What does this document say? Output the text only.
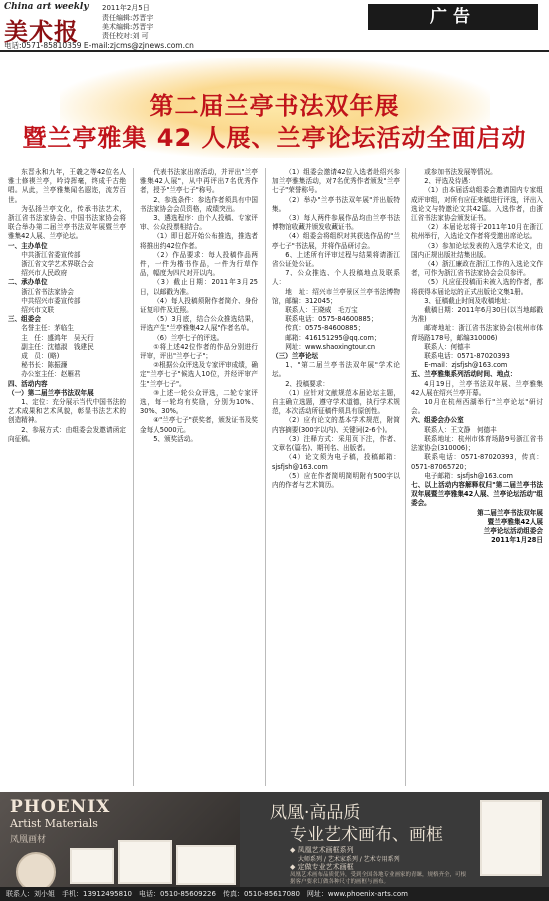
China art weekly
美术报
2011年2月5日
责任编辑:苏晋宇
美术编辑:苏晋宇
责任校对:刘 可
电话:0571-85810359 E-mail:zjcms@zjnews.com.cn
广告
第二届兰亭书法双年展
暨兰亭雅集 42 人展、兰亭论坛活动全面启动

东晋永和九年，王羲之等42位名人雅士修禊兰亭，吟诗挥毫，终成千古绝唱。从此，兰亭雅集闻名遐迩，流芳百世。

为弘扬兰亭文化，传承书法艺术，浙江省书法家协会、中国书法家协会将联合举办第二届兰亭书法双年展暨兰亭雅集42人展、兰亭论坛。

一、主办单位

中共浙江省委宣传部

浙江省文学艺术界联合会

绍兴市人民政府

二、承办单位

浙江省书法家协会

中共绍兴市委宣传部

绍兴市文联

三、组委会

名誉主任：茅临生

主　任：盛鸿年　吴天行

副主任：沈德淑　钱建民

成　员：(略)

秘书长：陈振濂

办公室主任：赵雁君

四、活动内容

（一）第二届兰亭书法双年展

1、定位：充分展示当代中国书法的艺术成果和艺术风貌，彰显书法艺术的创造精神。

2、参展方式：由组委会发邀请函定向征稿。

代表书法家出席活动，并评出"兰亭雅集42人展"，从中再评出7名优秀作者，授予"兰亭七子"称号。

2、参选条件：参选作者须具有中国书法家协会会员资格，成绩突出。

3、遴选程序：由个人投稿、专家评审、公众投票相结合。

（1）即日起开始公布推选，推选者将推出约42位作者。

（2）作品要求：每人投稿作品两件，一件为楷书作品，一件为行草作品，幅度为四尺对开以内。

（3）截止日期：2011年3月25日，以邮戳为准。

（4）每人投稿须附作者简介、身份证复印件及近照。

（5）3月底，结合公众推选结果，评选产生"兰亭雅集42人展"作者名单。

（6）兰亭七子的评选。

①将上述42位作者的作品分别进行评审，评出"兰亭七子"；

②根据公众评选及专家评审成绩，确定"兰亭七子"候选人10位，并经评审产生"兰亭七子"。

③上述一轮公众评选，二轮专家评选，每一轮均有奖励，分别为10%、30%、30%。

④"兰亭七子"获奖者，颁发证书及奖金每人5000元。

5、颁奖活动。

（1）组委会邀请42位入选者赴绍兴参加兰亭雅集活动，对7名优秀作者颁发"兰亭七子"荣誉称号。

（2）举办"兰亭书法双年展"并出版特集。

（3）每人两件参展作品均由兰亭书法博物馆收藏并颁发收藏证书。

（4）组委会将组织对其获选作品的"兰亭七子"书法展，并将作品研讨会。

6、上述所有评审过程与结果将请浙江省公证处公证。

7、公众推选、个人投稿地点及联系人：

地　址：绍兴市兰亭景区兰亭书法博物馆，邮编：312045；

联系人：王晓威　毛万宝

联系电话：0575-84600885；

传真：0575-84600885；

邮箱：416151295@qq.com；

网址：www.shaoxingtour.cn

（三）兰亭论坛

1、"第二届兰亭书法双年展"学术论坛。

2、投稿要求：

（1）应针对文献规范本届论坛主题，自主确立选题，遵守学术道德，执行学术规范，本次活动所征稿件须具有原创性。

（2）应有论文的基本学术规范，附简内容摘要(300字以内)、关键词(2-6个)。

（3）注释方式：采用页下注，作者、文章名(篇名)、期刊名、出版者。

（4）论文须为电子稿，投稿邮箱：sjsfjsh@163.com

（5）应在作者简明简明附有500字以内的作者与艺术简历。

或参加书法发展等情况。

2、评选及待遇：

（1）由本届活动组委会邀请国内专家组成评审组，对所有应征来稿进行评选，评出入选论文与特邀论文共42篇。入选作者，由浙江省书法家协会颁发证书。

（2）本届论坛将于2011年10月在浙江杭州举行，入选论文作者将受邀出席论坛。

（3）参加论坛发表的入选学术论文，由国内正规出版社结集出版。

（4）浙江廉政在浙江工作的入选论文作者，可作为浙江省书法家协会会员参评。

（5）凡应征投稿而未被入选的作者，都将获得本届论坛的正式出版论文集1册。

3、征稿截止时间及收稿地址：

截稿日期：2011年6月30日(以当地邮戳为准)

邮寄地址：浙江省书法家协会(杭州市体育场路178号，邮编310006)

联系人：何德丰

联系电话：0571-87020393

E-mail：zjsfjsh@163.com

五、兰亭雅集系列活动时间、地点：

4月19日，兰亭书法双年展、兰亭雅集42人展在绍兴兰亭开幕。

10月在杭州西湖举行"兰亭论坛"研讨会。

六、组委会办公室

联系人：王文静　何德丰

联系地址：杭州市体育场路9号浙江省书法家协会(310006)；

联系电话：0571-87020393，传真：0571-87065720；

电子邮箱：sjsfjsh@163.com

七、以上活动内容解释权归"第二届兰亭书法双年展暨兰亭雅集42人展、兰亭论坛活动"组委会。

第二届兰亭书法双年展

暨兰亭雅集42人展

兰亭论坛活动组委会

2011年1月28日

PHOENIX
Artist Materials
凤凰画材
凤凰·高品质
专业艺术画布、画框
◆ 凤凰艺术画框系列
大师系列 / 艺术家系列 / 艺术专用系列
◆ 定做专业艺术画框
凤凰艺术画布品质优异，受到全国各地专业画家的青睐，规格齐全，可根据客户要求订做各种尺寸的画框与画布。
联系人：刘小姐　手机：13912495810　电话：0510-85609226　传真：0510-85617080　网址：www.phoenix-arts.com
